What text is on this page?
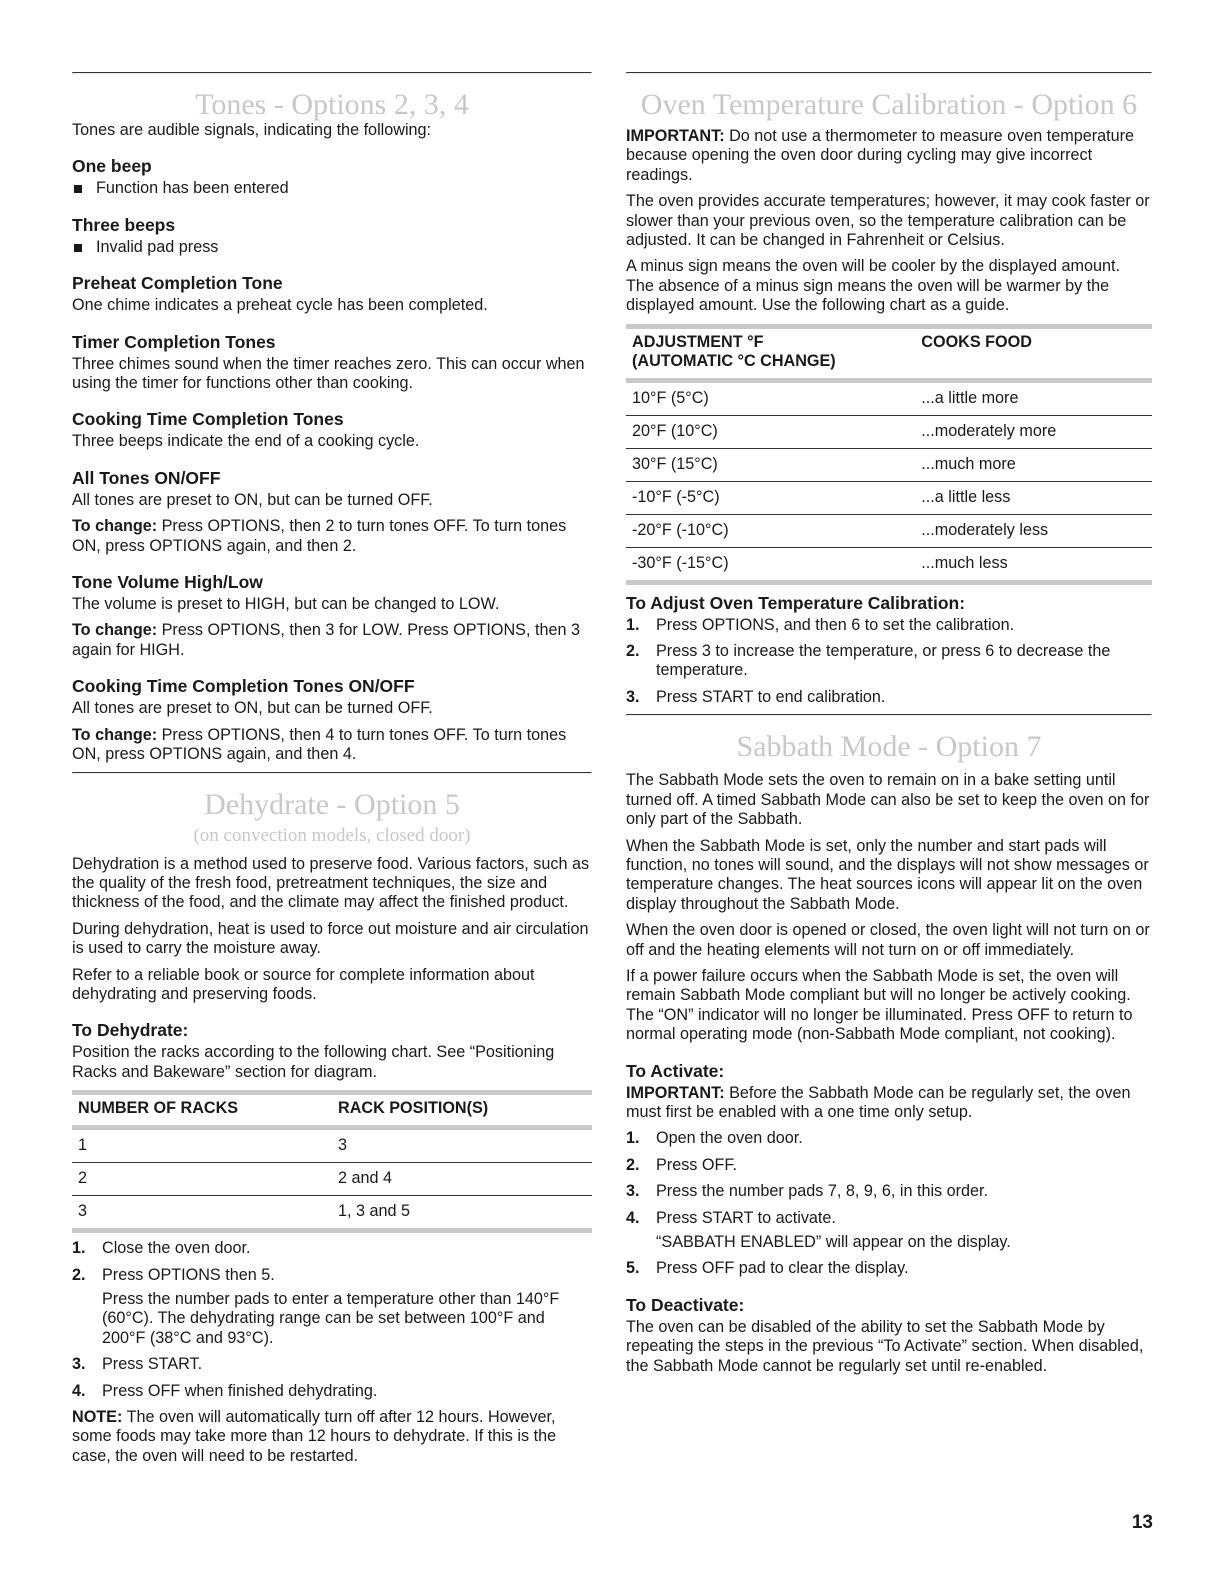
Tones - Options 2, 3, 4

Tones are audible signals, indicating the following:

One beep
Function has been entered
Three beeps
Invalid pad press
Preheat Completion Tone

One chime indicates a preheat cycle has been completed.

Timer Completion Tones

Three chimes sound when the timer reaches zero. This can occur when using the timer for functions other than cooking.

Cooking Time Completion Tones

Three beeps indicate the end of a cooking cycle.

All Tones ON/OFF

All tones are preset to ON, but can be turned OFF.

To change: Press OPTIONS, then 2 to turn tones OFF. To turn tones ON, press OPTIONS again, and then 2.

Tone Volume High/Low

The volume is preset to HIGH, but can be changed to LOW.

To change: Press OPTIONS, then 3 for LOW. Press OPTIONS, then 3 again for HIGH.

Cooking Time Completion Tones ON/OFF

All tones are preset to ON, but can be turned OFF.

To change: Press OPTIONS, then 4 to turn tones OFF. To turn tones ON, press OPTIONS again, and then 4.

Dehydrate - Option 5
(on convection models, closed door)

Dehydration is a method used to preserve food. Various factors, such as the quality of the fresh food, pretreatment techniques, the size and thickness of the food, and the climate may affect the finished product.

During dehydration, heat is used to force out moisture and air circulation is used to carry the moisture away.

Refer to a reliable book or source for complete information about dehydrating and preserving foods.

To Dehydrate:

Position the racks according to the following chart. See “Positioning Racks and Bakeware” section for diagram.

NUMBER OF RACKS	RACK POSITION(S)
1	3
2	2 and 4
3	1, 3 and 5
1.	Close the oven door.
2.	Press OPTIONS then 5.
Press the number pads to enter a temperature other than 140°F (60°C). The dehydrating range can be set between 100°F and 200°F (38°C and 93°C).
3.	Press START.
4.	Press OFF when finished dehydrating.

NOTE: The oven will automatically turn off after 12 hours. However, some foods may take more than 12 hours to dehydrate. If this is the case, the oven will need to be restarted.

Oven Temperature Calibration - Option 6

IMPORTANT: Do not use a thermometer to measure oven temperature because opening the oven door during cycling may give incorrect readings.

The oven provides accurate temperatures; however, it may cook faster or slower than your previous oven, so the temperature calibration can be adjusted. It can be changed in Fahrenheit or Celsius.

A minus sign means the oven will be cooler by the displayed amount. The absence of a minus sign means the oven will be warmer by the displayed amount. Use the following chart as a guide.

ADJUSTMENT °F
(AUTOMATIC °C CHANGE)	COOKS FOOD
10°F (5°C)	...a little more
20°F (10°C)	...moderately more
30°F (15°C)	...much more
-10°F (-5°C)	...a little less
-20°F (-10°C)	...moderately less
-30°F (-15°C)	...much less
To Adjust Oven Temperature Calibration:
1.	Press OPTIONS, and then 6 to set the calibration.
2.	Press 3 to increase the temperature, or press 6 to decrease the temperature.
3.	Press START to end calibration.
Sabbath Mode - Option 7

The Sabbath Mode sets the oven to remain on in a bake setting until turned off. A timed Sabbath Mode can also be set to keep the oven on for only part of the Sabbath.

When the Sabbath Mode is set, only the number and start pads will function, no tones will sound, and the displays will not show messages or temperature changes. The heat sources icons will appear lit on the oven display throughout the Sabbath Mode.

When the oven door is opened or closed, the oven light will not turn on or off and the heating elements will not turn on or off immediately.

If a power failure occurs when the Sabbath Mode is set, the oven will remain Sabbath Mode compliant but will no longer be actively cooking. The “ON” indicator will no longer be illuminated. Press OFF to return to normal operating mode (non-Sabbath Mode compliant, not cooking).

To Activate:

IMPORTANT: Before the Sabbath Mode can be regularly set, the oven must first be enabled with a one time only setup.

1.	Open the oven door.
2.	Press OFF.
3.	Press the number pads 7, 8, 9, 6, in this order.
4.	Press START to activate.
“SABBATH ENABLED” will appear on the display.
5.	Press OFF pad to clear the display.
To Deactivate:

The oven can be disabled of the ability to set the Sabbath Mode by repeating the steps in the previous “To Activate” section. When disabled, the Sabbath Mode cannot be regularly set until re-enabled.

13
